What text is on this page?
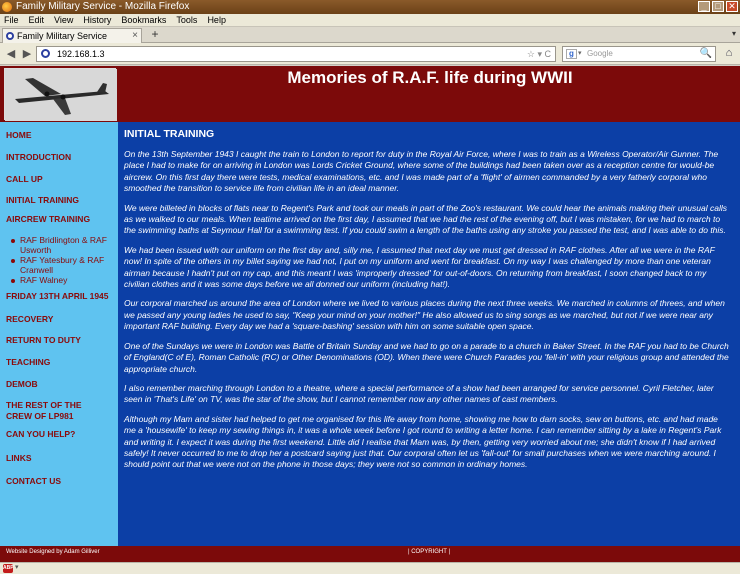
Family Military Service - Mozilla Firefox	_ □ ✕
File Edit View History Bookmarks Tools Help
Family Military Service	× +	▾
◀ ▶	192.168.1.3	☆ ▾ C	g ▾ Google	🔍	⌂
Memories of R.A.F. life during WWII
HOME
INTRODUCTION
CALL UP
INITIAL TRAINING
AIRCREW TRAINING
RAF Bridlington & RAF Usworth
RAF Yatesbury & RAF Cranwell
RAF Walney
FRIDAY 13TH APRIL 1945
RECOVERY
RETURN TO DUTY
TEACHING
DEMOB
THE REST OF THE CREW OF LP981
CAN YOU HELP?
LINKS
CONTACT US
INITIAL TRAINING

On the 13th September 1943 I caught the train to London to report for duty in the Royal Air Force, where I was to train as a Wireless Operator/Air Gunner. The place I had to make for on arriving in London was Lords Cricket Ground, where some of the buildings had been taken over as a reception centre for would-be aircrew. On this first day there were tests, medical examinations, etc. and I was made part of a 'flight' of airmen commanded by a very fatherly corporal who smoothed the transition to service life from civilian life in an ideal manner.

We were billeted in blocks of flats near to Regent's Park and took our meals in part of the Zoo's restaurant. We could hear the animals making their unusual calls as we walked to our meals. When teatime arrived on the first day, I assumed that we had the rest of the evening off, but I was mistaken, for we had to march to the swimming baths at Seymour Hall for a swimming test. If you could swim a length of the baths using any stroke you passed the test, and I was able to do this.

We had been issued with our uniform on the first day and, silly me, I assumed that next day we must get dressed in RAF clothes. After all we were in the RAF now! In spite of the others in my billet saying we had not, I put on my uniform and went for breakfast. On my way I was challenged by more than one veteran airman because I hadn't put on my cap, and this meant I was 'improperly dressed' for out-of-doors. On returning from breakfast, I soon changed back to my civilian clothes and it was some days before we all donned our uniform (including hat!).

Our corporal marched us around the area of London where we lived to various places during the next three weeks. We marched in columns of threes, and when we passed any young ladies he used to say, "Keep your mind on your mother!" He also allowed us to sing songs as we marched, but not if we were near any important RAF building. Every day we had a 'square-bashing' session with him on some suitable open space.

One of the Sundays we were in London was Battle of Britain Sunday and we had to go on a parade to a church in Baker Street. In the RAF you had to be Church of England(C of E), Roman Catholic (RC) or Other Denominations (OD). When there were Church Parades you 'fell-in' with your religious group and attended the appropriate church.

I also remember marching through London to a theatre, where a special performance of a show had been arranged for service personnel. Cyril Fletcher, later seen in 'That's Life' on TV, was the star of the show, but I cannot remember now any other names of cast members.

Although my Mam and sister had helped to get me organised for this life away from home, showing me how to darn socks, sew on buttons, etc. and had made me a 'housewife' to keep my sewing things in, it was a whole week before I got round to writing a letter home. I can remember sitting by a lake in Regent's Park and writing it. I expect it was during the first weekend. Little did I realise that Mam was, by then, getting very worried about me; she didn't know if I had arrived safely! It never occurred to me to drop her a postcard saying just that. Our corporal often let us 'fall-out' for small purchases when we were marching around. I should point out that we were not on the phone in those days; they were not so common in ordinary homes.

Website Designed by Adam Gilliver	| COPYRIGHT |
ABP ▾
